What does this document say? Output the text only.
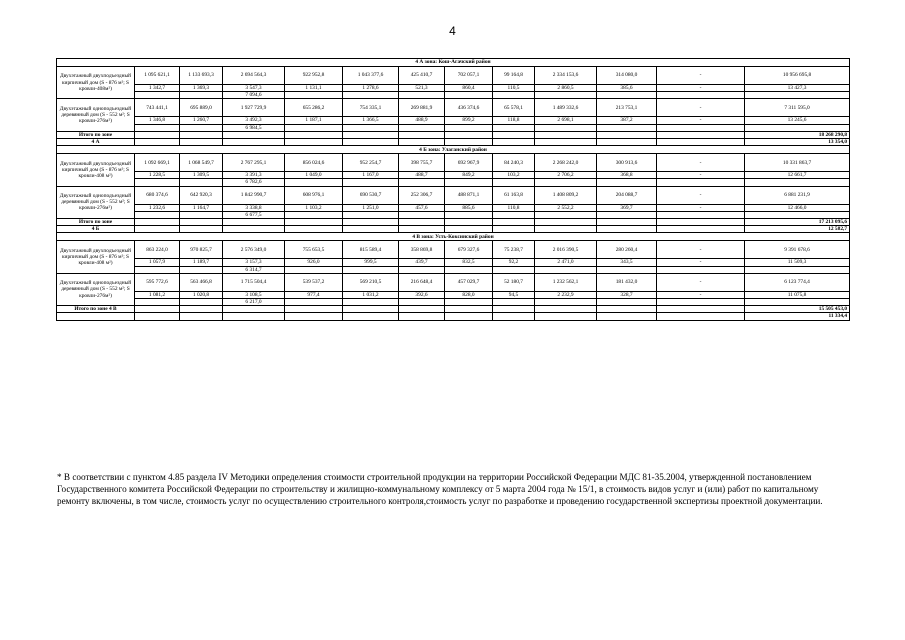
4
4 А зона: Кош-Агачский район												
Двухэтажный двухподъездный кирпичный дом (S - 876 м²; S кровли-408м²)	1 095 621,1	1 133 693,3	2 694 564,3	922 952,8	1 043 377,6	425 410,7	702 057,1	99 164,8	2 334 153,6	314 080,0	-	10 956 695,8
	1 342,7	1 369,3	3 547,3	1 131,1	1 278,6	521,3	860,4	110,5	2 860,5	385,6	-	13 427,3
			7 094,6									
Двухэтажный одноподъездный деревянный дом (S - 552 м²; S кровли-276м²)	743 441,1	695 889,0	1 927 729,9	655 286,2	754 335,1	269 881,9	436 374,6	65 578,1	1 489 332,6	213 753,1	-	7 311 595,0
	1 346,8	1 260,7	3 492,3	1 187,1	1 366,5	488,9	899,2	118,8	2 698,1	387,2	-	13 245,6
			6 984,5									
Итого по зоне												18 268 290,8
4 А												13 354,0
4 Б зона: Улаганский район												
Двухэтажный двухподъездный кирпичный дом (S - 876 м²; S кровли-408 м²)	1 092 669,1	1 068 549,7	2 767 295,1	856 024,6	952 254,7	398 755,7	692 967,9	84 240,3	2 268 242,0	300 913,6	-	10 331 863,7
	1 228,5	1 309,5	3 391,3	1 049,0	1 167,0	488,7	849,2	103,2	2 706,2	368,8	-	12 661,7
			6 782,6									
Двухэтажный одноподъездный деревянный дом (S - 552 м²; S кровли-276м²)	680 374,6	642 920,3	1 842 990,7	608 976,1	690 530,7	252 306,7	488 871,1	61 163,8	1 408 809,2	204 088,7	-	6 881 231,9
	1 232,6	1 164,7	3 338,8	1 103,2	1 251,0	457,6	885,6	110,8	2 552,2	369,7	-	12 466,0
			6 677,5									
Итого по зоне												17 213 095,6
4 Б												12 582,7
4 В зона: Усть-Коксинский район												
Двухэтажный двухподъездный кирпичный дом (S - 876 м²; S кровли-408 м²)	863 224,0	970 825,7	2 576 349,0	755 653,5	815 589,4	358 869,8	679 327,6	75 238,7	2 016 390,5	280 260,4	-	9 391 678,6
	1 057,9	1 189,7	3 157,3	926,0	999,5	439,7	832,5	92,2	2 471,0	343,5	-	11 509,3
			6 314,7									
Двухэтажный одноподъездный деревянный дом (S - 552 м²; S кровли-276м²)	595 772,6	563 466,8	1 715 504,4	539 537,2	569 210,5	216 648,4	457 029,7	52 180,7	1 232 562,1	181 432,0	-	6 123 774,4
	1 081,2	1 020,8	3 108,5	977,4	1 031,2	392,6	828,0	94,5	2 232,9	328,7	-	11 075,8
			6 217,0									
Итого по зоне 4 В												15 505 453,0
												11 334,4
* В соответствии с пунктом 4.85 раздела IV Методики определения стоимости строительной продукции на территории Российской Федерации МДС 81-35.2004, утвержденной постановлением Государственного комитета Российской Федерации по строительству и жилищно-коммунальному комплексу от 5 марта 2004 года № 15/1, в стоимость видов услуг и (или) работ по капитальному ремонту включены, в том числе, стоимость услуг по осуществлению строительного контроля,стоимость услуг по разработке и проведению государственной экспертизы проектной документации.
